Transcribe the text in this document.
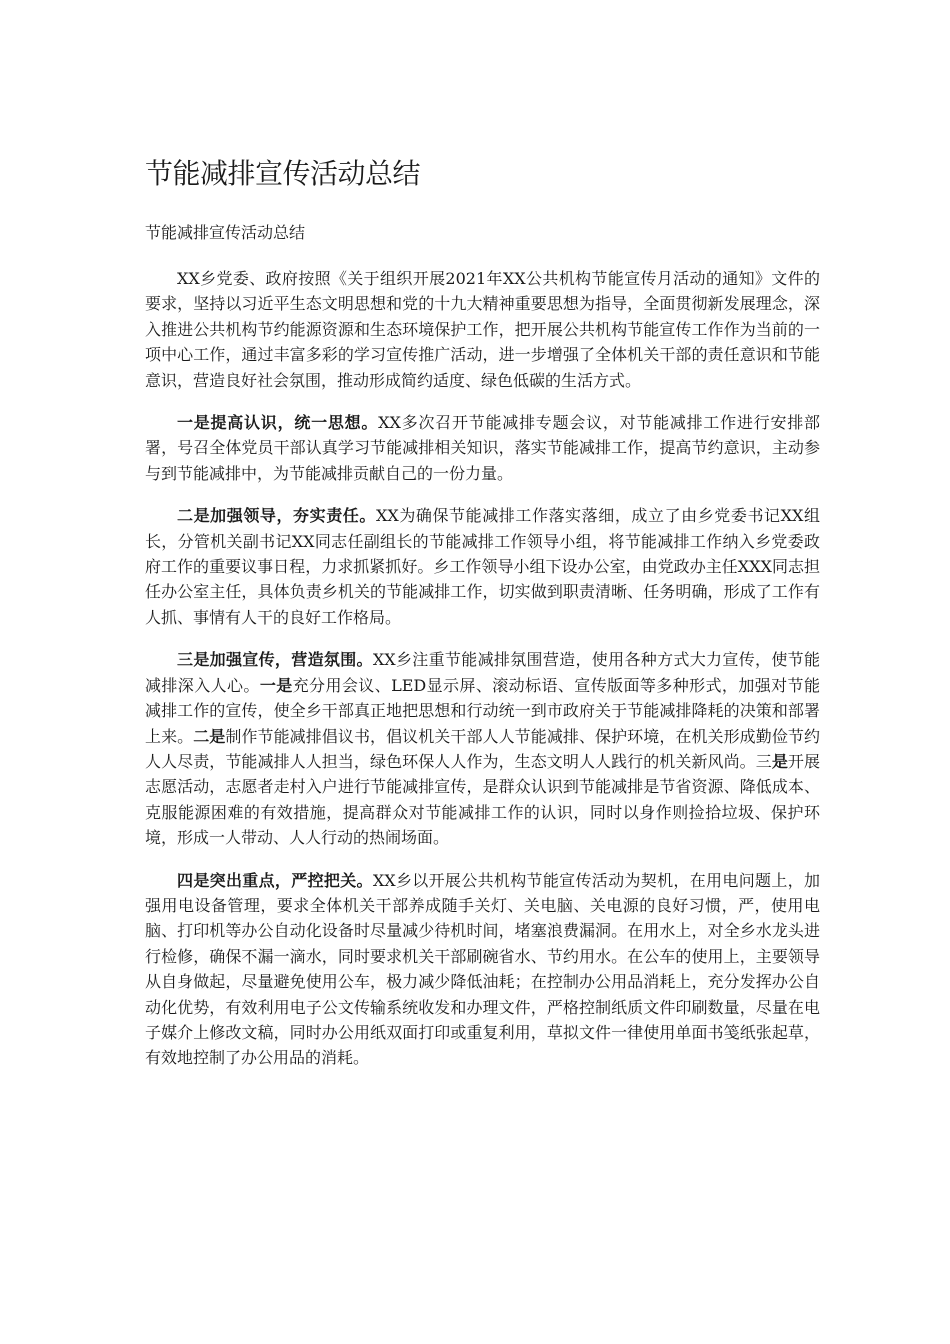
节能减排宣传活动总结

节能减排宣传活动总结

XX乡党委、政府按照《关于组织开展2021年XX公共机构节能宣传月活动的通知》文件的要求，坚持以习近平生态文明思想和党的十九大精神重要思想为指导，全面贯彻新发展理念，深入推进公共机构节约能源资源和生态环境保护工作，把开展公共机构节能宣传工作作为当前的一项中心工作，通过丰富多彩的学习宣传推广活动，进一步增强了全体机关干部的责任意识和节能意识，营造良好社会氛围，推动形成简约适度、绿色低碳的生活方式。

一是提高认识，统一思想。XX多次召开节能减排专题会议，对节能减排工作进行安排部署，号召全体党员干部认真学习节能减排相关知识，落实节能减排工作，提高节约意识，主动参与到节能减排中，为节能减排贡献自己的一份力量。

二是加强领导，夯实责任。XX为确保节能减排工作落实落细，成立了由乡党委书记XX组长，分管机关副书记XX同志任副组长的节能减排工作领导小组，将节能减排工作纳入乡党委政府工作的重要议事日程，力求抓紧抓好。乡工作领导小组下设办公室，由党政办主任XXX同志担任办公室主任，具体负责乡机关的节能减排工作，切实做到职责清晰、任务明确，形成了工作有人抓、事情有人干的良好工作格局。

三是加强宣传，营造氛围。XX乡注重节能减排氛围营造，使用各种方式大力宣传，使节能减排深入人心。一是充分用会议、LED显示屏、滚动标语、宣传版面等多种形式，加强对节能减排工作的宣传，使全乡干部真正地把思想和行动统一到市政府关于节能减排降耗的决策和部署上来。二是制作节能减排倡议书，倡议机关干部人人节能减排、保护环境，在机关形成勤俭节约人人尽责，节能减排人人担当，绿色环保人人作为，生态文明人人践行的机关新风尚。三是开展志愿活动，志愿者走村入户进行节能减排宣传，是群众认识到节能减排是节省资源、降低成本、克服能源困难的有效措施，提高群众对节能减排工作的认识，同时以身作则捡拾垃圾、保护环境，形成一人带动、人人行动的热闹场面。

四是突出重点，严控把关。XX乡以开展公共机构节能宣传活动为契机，在用电问题上，加强用电设备管理，要求全体机关干部养成随手关灯、关电脑、关电源的良好习惯，严，使用电脑、打印机等办公自动化设备时尽量减少待机时间，堵塞浪费漏洞。在用水上，对全乡水龙头进行检修，确保不漏一滴水，同时要求机关干部刷碗省水、节约用水。在公车的使用上，主要领导从自身做起，尽量避免使用公车，极力减少降低油耗；在控制办公用品消耗上，充分发挥办公自动化优势，有效利用电子公文传输系统收发和办理文件，严格控制纸质文件印刷数量，尽量在电子媒介上修改文稿，同时办公用纸双面打印或重复利用，草拟文件一律使用单面书笺纸张起草，有效地控制了办公用品的消耗。
